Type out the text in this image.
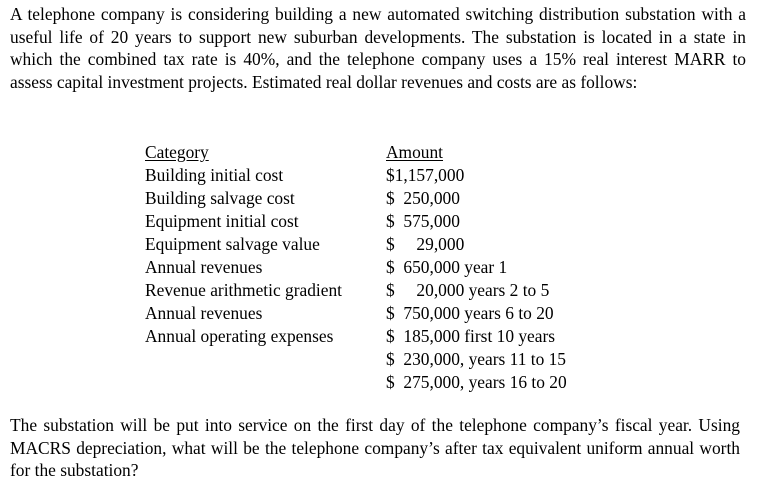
A telephone company is considering building a new automated switching distribution substation with a useful life of 20 years to support new suburban developments. The substation is located in a state in which the combined tax rate is 40%, and the telephone company uses a 15% real interest MARR to assess capital investment projects. Estimated real dollar revenues and costs are as follows:

Category	Amount
Building initial cost	$1,157,000
Building salvage cost	$  250,000
Equipment initial cost	$  575,000
Equipment salvage value	$     29,000
Annual revenues	$  650,000 year 1
Revenue arithmetic gradient	$     20,000 years 2 to 5
Annual revenues	$  750,000 years 6 to 20
Annual operating expenses	$  185,000 first 10 years
$  230,000, years 11 to 15
$  275,000, years 16 to 20

The substation will be put into service on the first day of the telephone company’s fiscal year. Using MACRS depreciation, what will be the telephone company’s after tax equivalent uniform annual worth for the substation?
